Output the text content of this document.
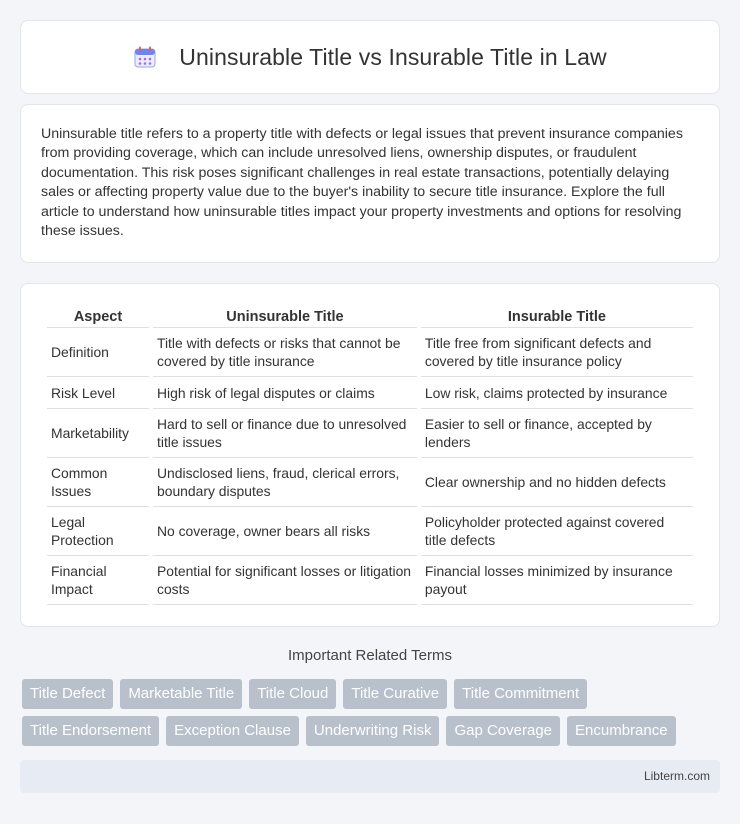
Uninsurable Title vs Insurable Title in Law

Uninsurable title refers to a property title with defects or legal issues that prevent insurance companies from providing coverage, which can include unresolved liens, ownership disputes, or fraudulent documentation. This risk poses significant challenges in real estate transactions, potentially delaying sales or affecting property value due to the buyer's inability to secure title insurance. Explore the full article to understand how uninsurable titles impact your property investments and options for resolving these issues.

Aspect	Uninsurable Title	Insurable Title
Definition	Title with defects or risks that cannot be covered by title insurance	Title free from significant defects and covered by title insurance policy
Risk Level	High risk of legal disputes or claims	Low risk, claims protected by insurance
Marketability	Hard to sell or finance due to unresolved title issues	Easier to sell or finance, accepted by lenders
Common Issues	Undisclosed liens, fraud, clerical errors, boundary disputes	Clear ownership and no hidden defects
Legal Protection	No coverage, owner bears all risks	Policyholder protected against covered title defects
Financial Impact	Potential for significant losses or litigation costs	Financial losses minimized by insurance payout
Important Related Terms
Title Defect	Marketable Title	Title Cloud	Title Curative	Title Commitment
Title Endorsement	Exception Clause	Underwriting Risk	Gap Coverage	Encumbrance
Libterm.com
